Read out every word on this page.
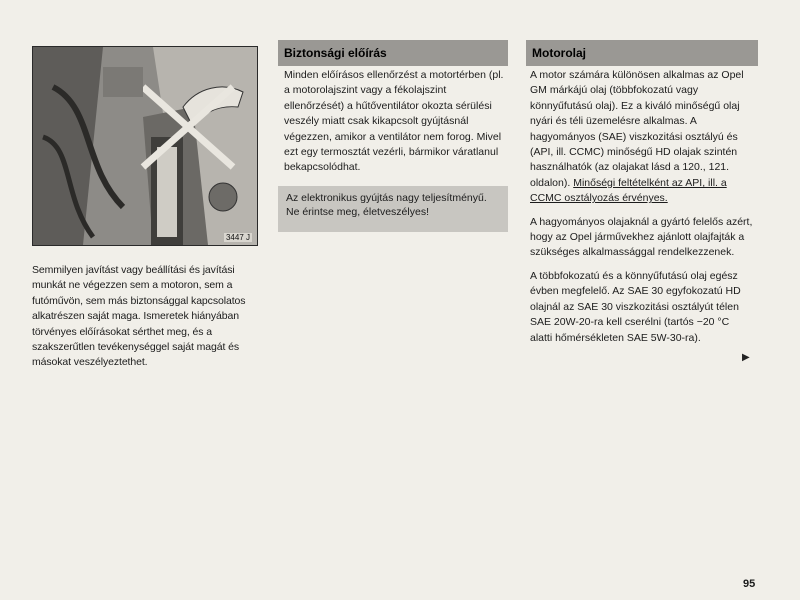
3447 J
Semmilyen javítást vagy beállítási és javítási munkát ne végezzen sem a motoron, sem a futóművön, sem más biztonsággal kapcsolatos alkatrészen saját maga. Ismeretek hiányában törvényes előírásokat sérthet meg, és a szakszerűtlen tevékenységgel saját magát és másokat veszélyeztethet.
Biztonsági előírás
Minden előírásos ellenőrzést a motortérben (pl. a motorolajszint vagy a fékolajszint ellenőrzését) a hűtőventilátor okozta sérülési veszély miatt csak kikapcsolt gyújtásnál végezzen, amikor a ventilátor nem forog. Mivel ezt egy termosztát vezérli, bármikor váratlanul bekapcsolódhat.
Az elektronikus gyújtás nagy teljesítményű. Ne érintse meg, életveszélyes!
Motorolaj

A motor számára különösen alkalmas az Opel GM márkájú olaj (többfokozatú vagy könnyűfutású olaj). Ez a kiváló minőségű olaj nyári és téli üzemelésre alkalmas. A hagyományos (SAE) viszkozitási osztályú és (API, ill. CCMC) minőségű HD olajak szintén használhatók (az olajakat lásd a 120., 121. oldalon). Minőségi feltételként az API, ill. a CCMC osztályozás érvényes.

A hagyományos olajaknál a gyártó felelős azért, hogy az Opel járművekhez ajánlott olajfajták a szükséges alkalmassággal rendelkezzenek.

A többfokozatú és a könnyűfutású olaj egész évben megfelelő. Az SAE 30 egyfokozatú HD olajnál az SAE 30 viszkozitási osztályút télen SAE 20W-20-ra kell cserélni (tartós −20 °C alatti hőmérsékleten SAE 5W-30-ra).

▶
95
